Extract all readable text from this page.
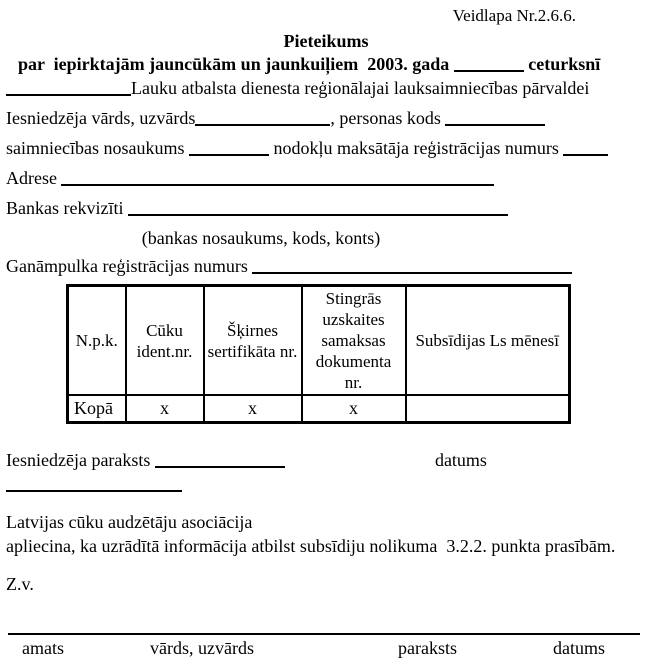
Veidlapa Nr.2.6.6.
Pieteikums
par  iepirktajām jauncūkām un jaunkuiļiem  2003. gada	ceturksnī
Lauku atbalsta dienesta reģionālajai lauksaimniecības pārvaldei
Iesniedzēja vārds, uzvārds	, personas kods
saimniecības nosaukums	nodokļu maksātāja reģistrācijas numurs
Adrese
Bankas rekvizīti
(bankas nosaukums, kods, konts)
Ganāmpulka reģistrācijas numurs
N.p.k.	Cūku ident.nr.	Šķirnes sertifikāta nr.	Stingrās uzskaites samaksas dokumenta nr.	Subsīdijas Ls mēnesī
Kopā	x	x	x	
Iesniedzēja paraksts	datums
Latvijas cūku audzētāju asociācija
apliecina, ka uzrādītā informācija atbilst subsīdiju nolikuma  3.2.2. punkta prasībām.
Z.v.
amats	vārds, uzvārds	paraksts	datums
